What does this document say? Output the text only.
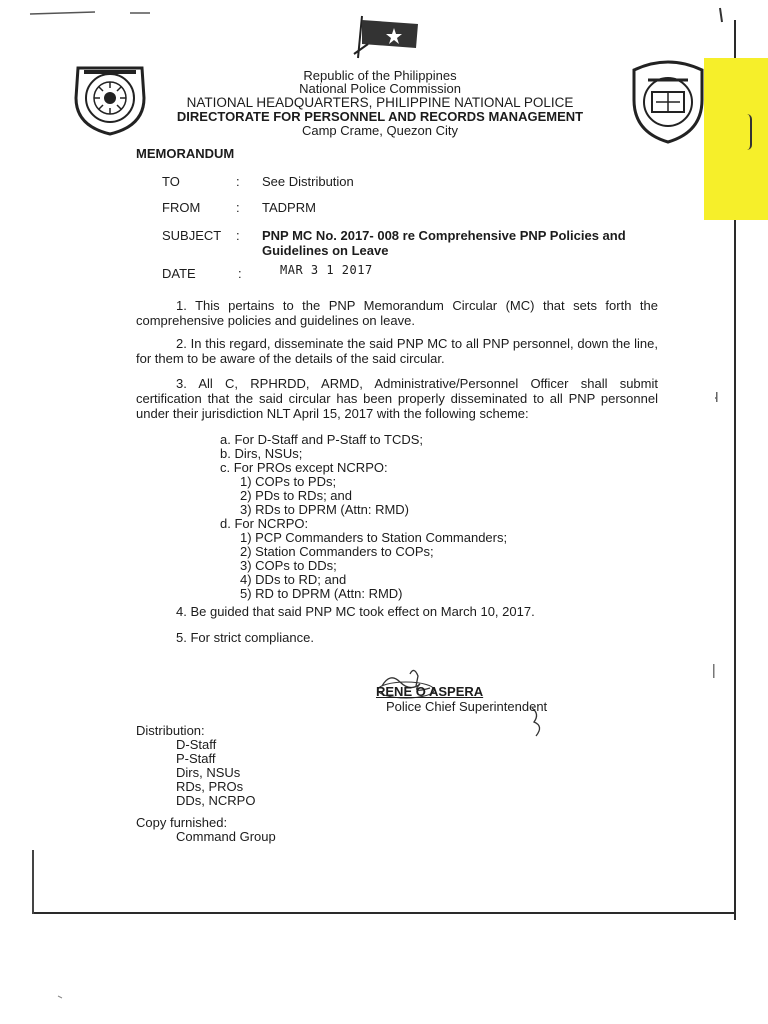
Republic of the Philippines
National Police Commission
NATIONAL HEADQUARTERS, PHILIPPINE NATIONAL POLICE
DIRECTORATE FOR PERSONNEL AND RECORDS MANAGEMENT
Camp Crame, Quezon City
MEMORANDUM
TO	: See Distribution
FROM	: TADPRM
SUBJECT : PNP MC No. 2017- 008 re Comprehensive PNP Policies and Guidelines on Leave
DATE	:	MAR 3 1 2017
1. This pertains to the PNP Memorandum Circular (MC) that sets forth the comprehensive policies and guidelines on leave.
2. In this regard, disseminate the said PNP MC to all PNP personnel, down the line, for them to be aware of the details of the said circular.
3. All C, RPHRDD, ARMD, Administrative/Personnel Officer shall submit certification that the said circular has been properly disseminated to all PNP personnel under their jurisdiction NLT April 15, 2017 with the following scheme:
a. For D-Staff and P-Staff to TCDS;
b. Dirs, NSUs;
c. For PROs except NCRPO:
1) COPs to PDs;
2) PDs to RDs; and
3) RDs to DPRM (Attn: RMD)
d. For NCRPO:
1) PCP Commanders to Station Commanders;
2) Station Commanders to COPs;
3) COPs to DDs;
4) DDs to RD; and
5) RD to DPRM (Attn: RMD)
4. Be guided that said PNP MC took effect on March 10, 2017.
5. For strict compliance.
RENE O ASPERA
Police Chief Superintendent
Distribution:
D-Staff
P-Staff
Dirs, NSUs
RDs, PROs
DDs, NCRPO
Copy furnished:
Command Group
